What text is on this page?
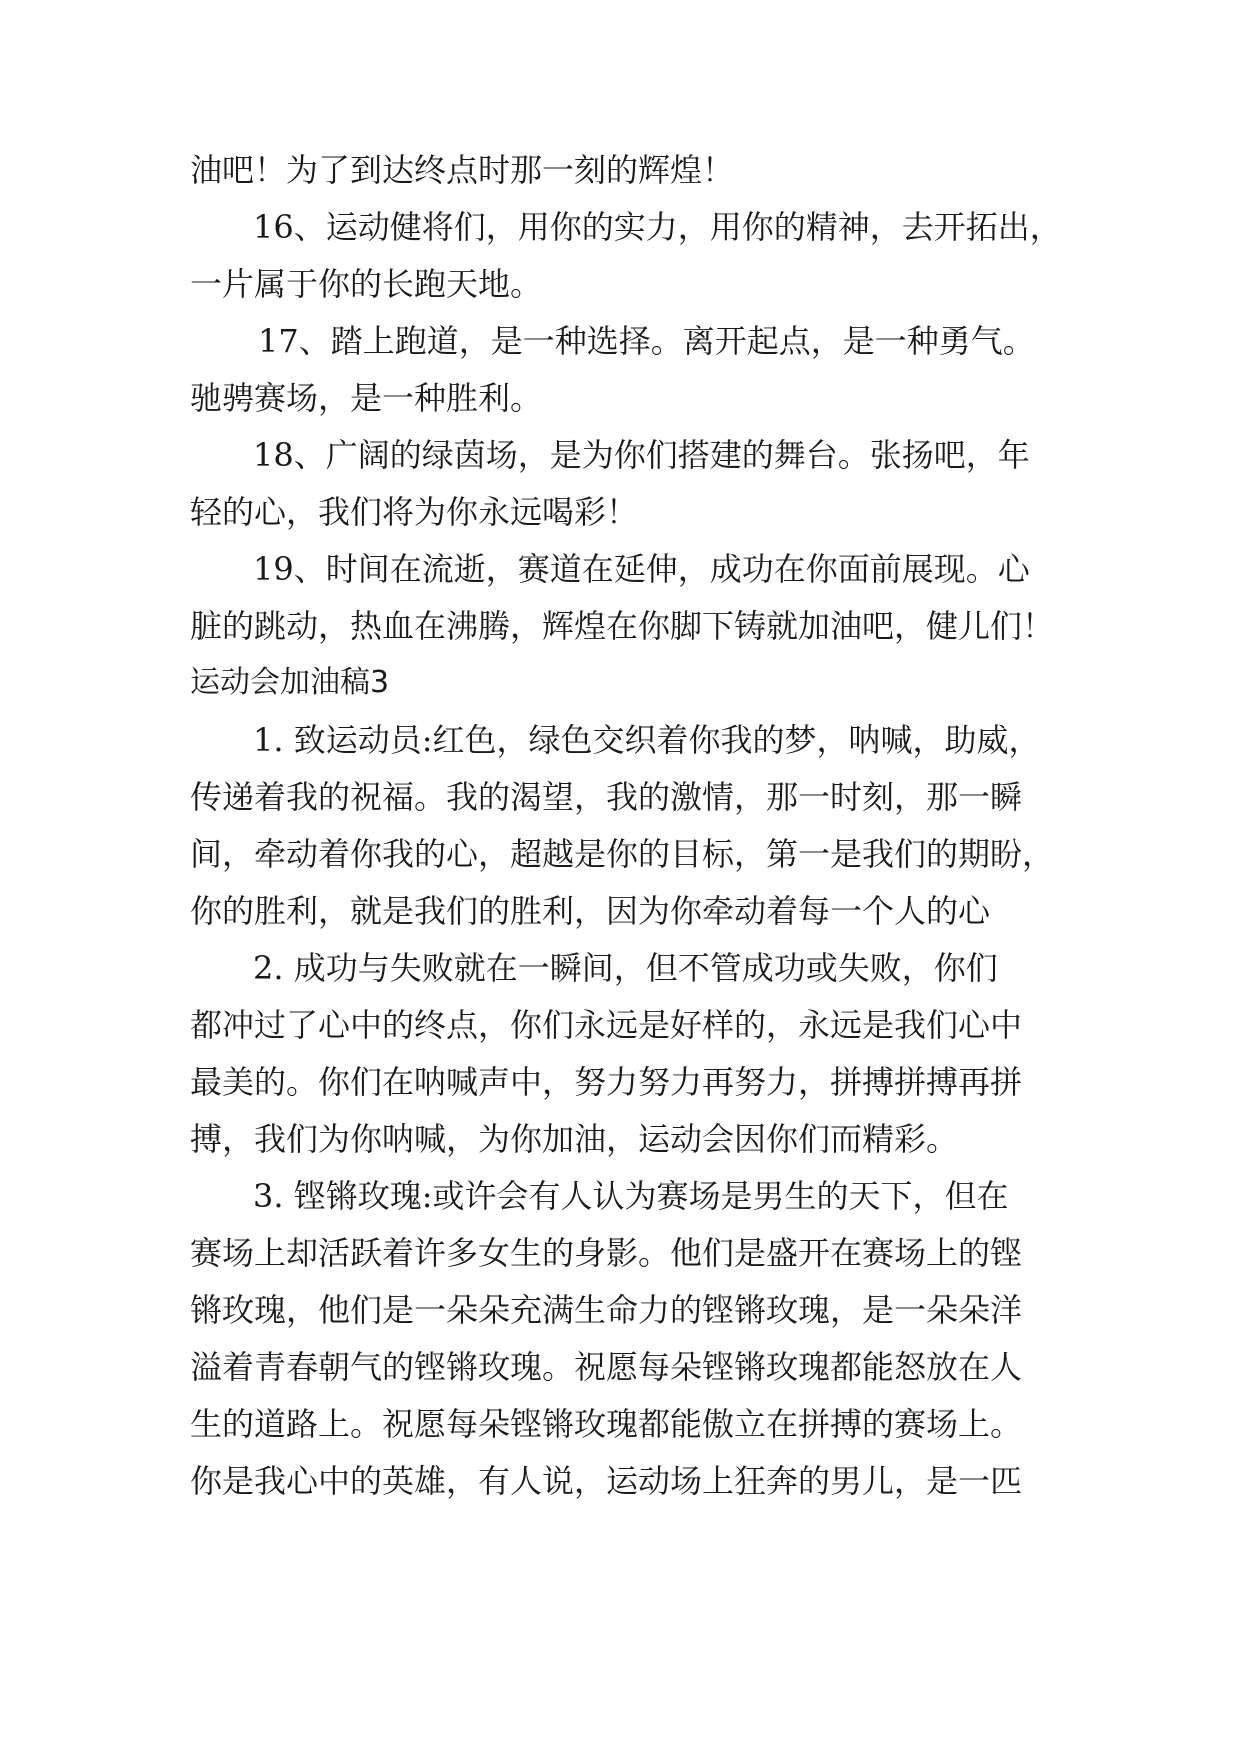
油吧！为了到达终点时那一刻的辉煌！

16、运动健将们，用你的实力，用你的精神，去开拓出，

一片属于你的长跑天地。

17、踏上跑道，是一种选择。离开起点，是一种勇气。

驰骋赛场，是一种胜利。

18、广阔的绿茵场，是为你们搭建的舞台。张扬吧，年

轻的心，我们将为你永远喝彩！

19、时间在流逝，赛道在延伸，成功在你面前展现。心

脏的跳动，热血在沸腾，辉煌在你脚下铸就加油吧，健儿们！

运动会加油稿3

1. 致运动员:红色，绿色交织着你我的梦，呐喊，助威，

传递着我的祝福。我的渴望，我的激情，那一时刻，那一瞬

间，牵动着你我的心，超越是你的目标，第一是我们的期盼，

你的胜利，就是我们的胜利，因为你牵动着每一个人的心

2. 成功与失败就在一瞬间，但不管成功或失败，你们

都冲过了心中的终点，你们永远是好样的，永远是我们心中

最美的。你们在呐喊声中，努力努力再努力，拼搏拼搏再拼

搏，我们为你呐喊，为你加油，运动会因你们而精彩。

3. 铿锵玫瑰:或许会有人认为赛场是男生的天下，但在

赛场上却活跃着许多女生的身影。他们是盛开在赛场上的铿

锵玫瑰，他们是一朵朵充满生命力的铿锵玫瑰，是一朵朵洋

溢着青春朝气的铿锵玫瑰。祝愿每朵铿锵玫瑰都能怒放在人

生的道路上。祝愿每朵铿锵玫瑰都能傲立在拼搏的赛场上。

你是我心中的英雄，有人说，运动场上狂奔的男儿，是一匹
